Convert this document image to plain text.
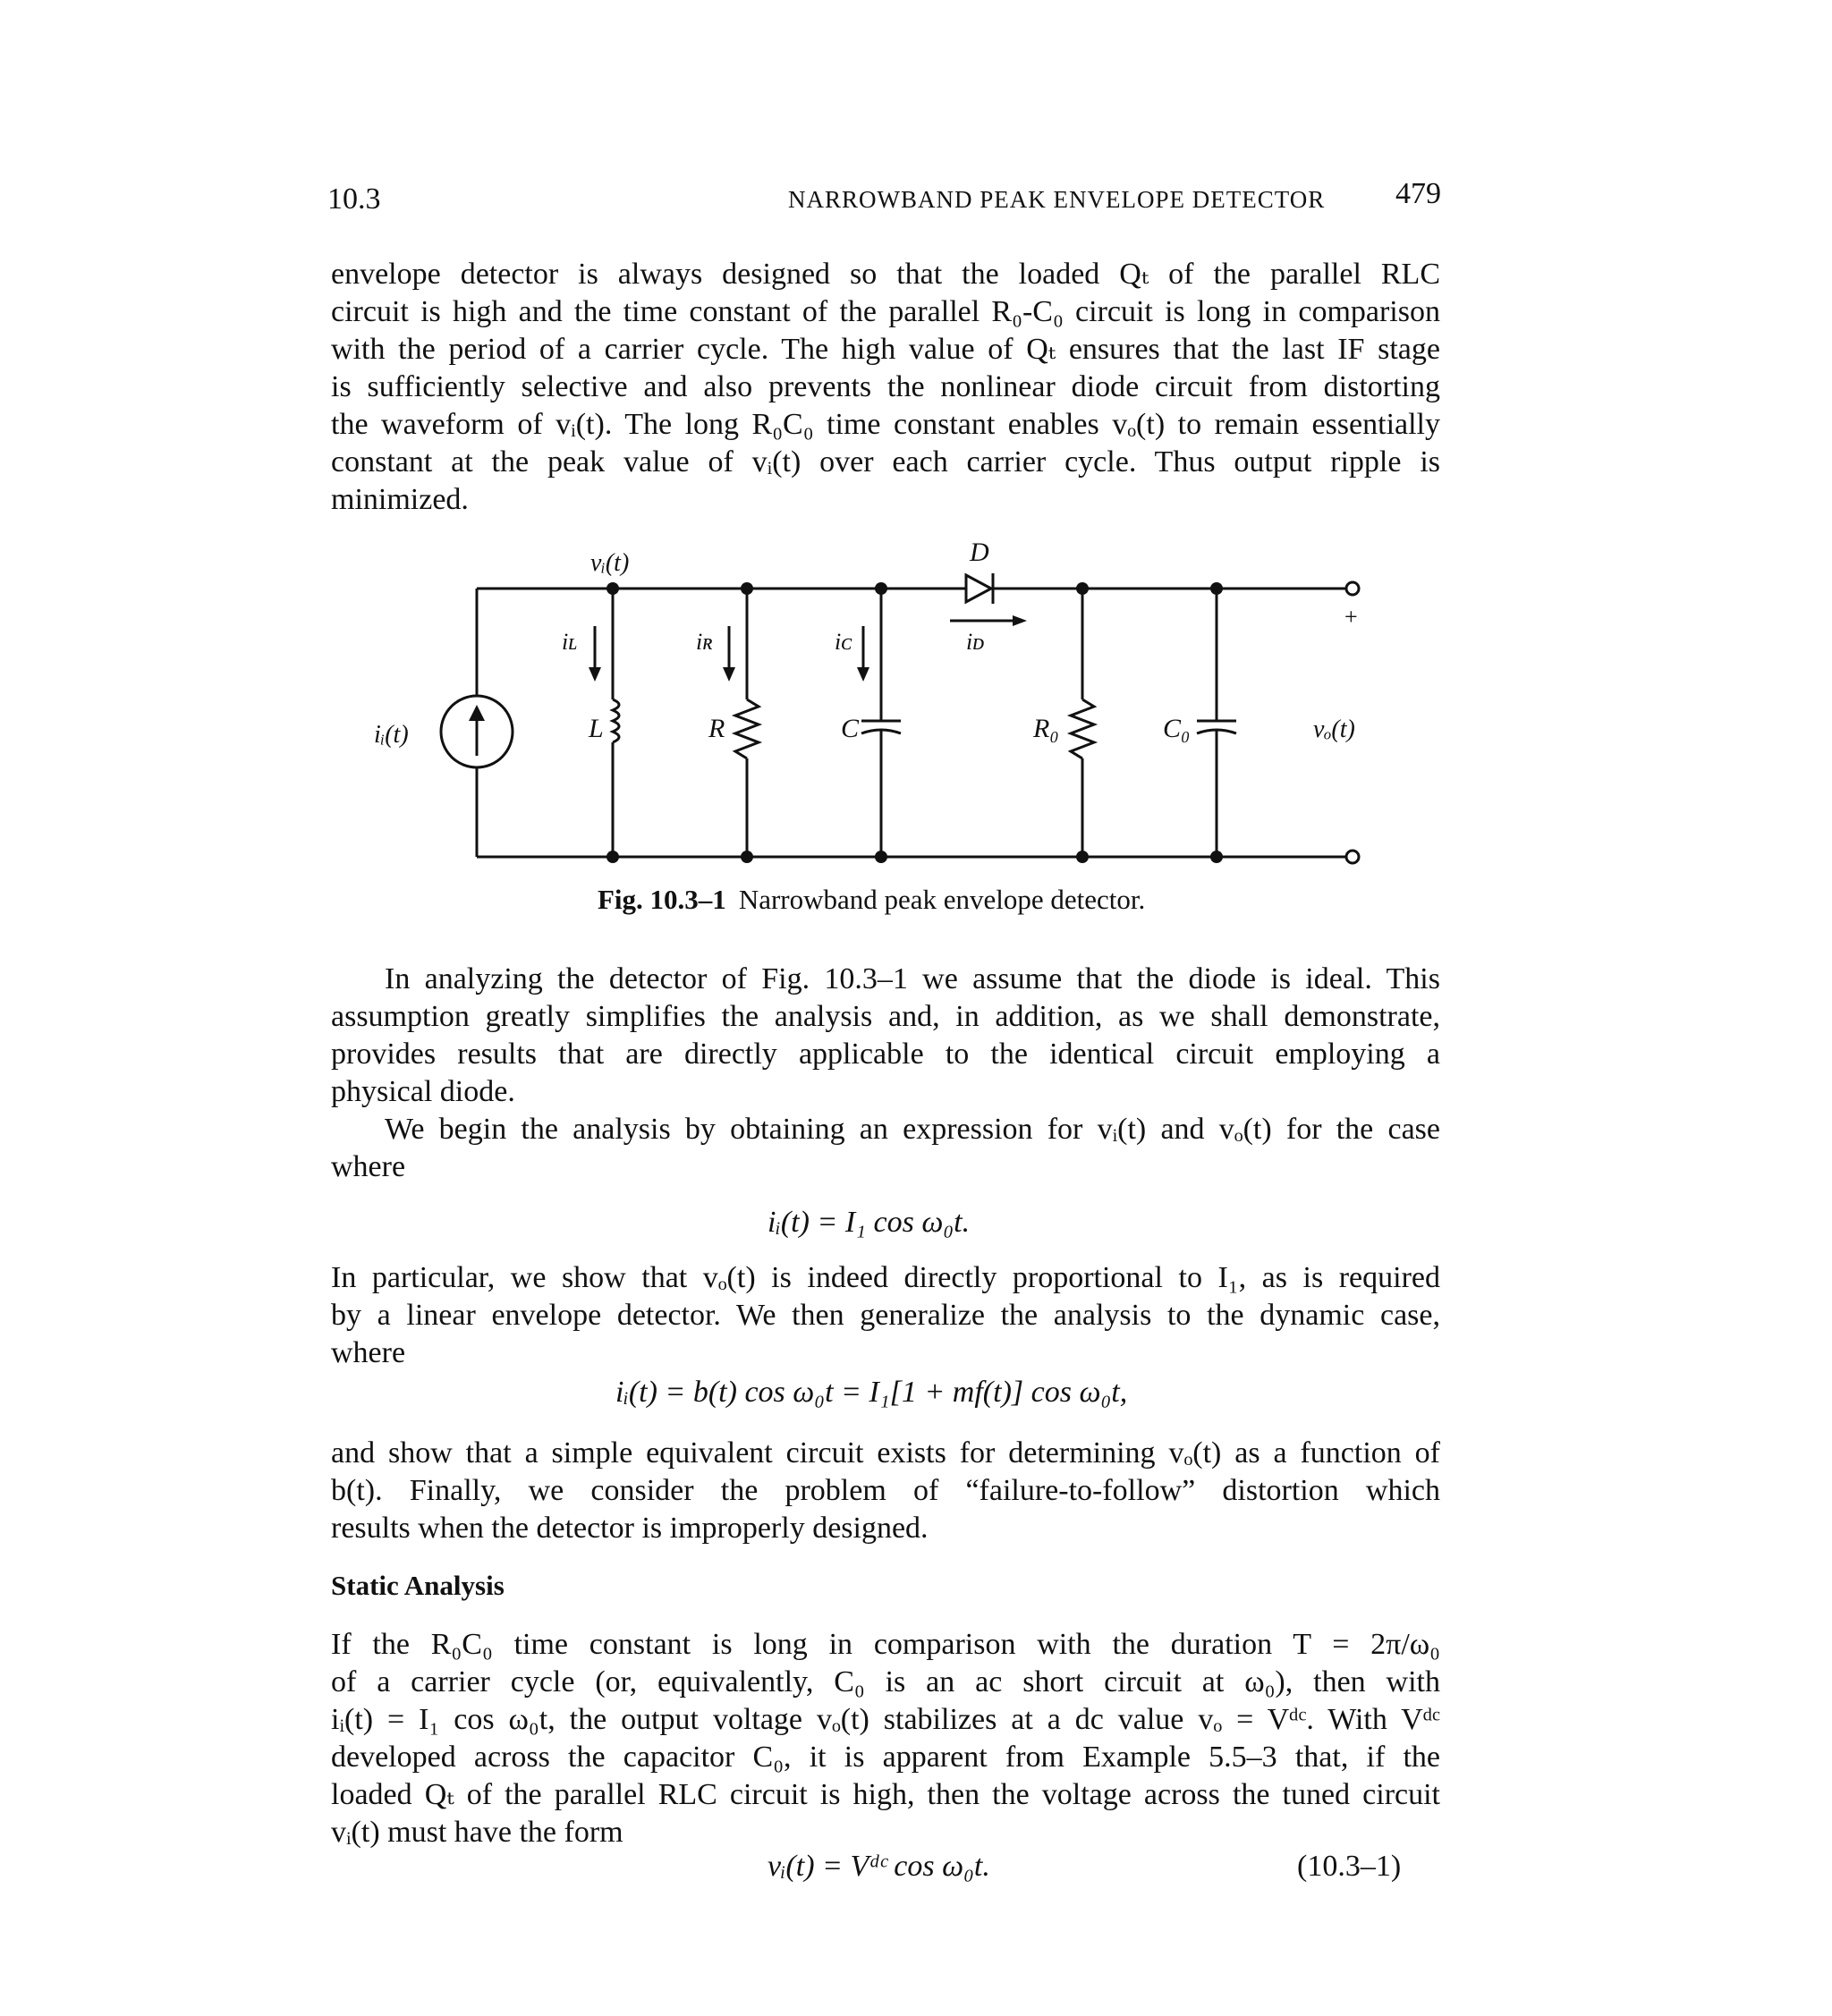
10.3	NARROWBAND PEAK ENVELOPE DETECTOR 479
envelope detector is always designed so that the loaded Qₜ of the parallel RLC
circuit is high and the time constant of the parallel R₀-C₀ circuit is long in comparison
with the period of a carrier cycle. The high value of Qₜ ensures that the last IF stage
is sufficiently selective and also prevents the nonlinear diode circuit from distorting
the waveform of vᵢ(t). The long R₀C₀ time constant enables vₒ(t) to remain essentially
constant at the peak value of vᵢ(t) over each carrier cycle. Thus output ripple is
minimized.
vᵢ(t)	D
iʟ	iʀ	iᴄ	iᴅ
iᵢ(t)	L	R	C	R₀	C₀	vₒ(t)
+
Fig. 10.3–1 Narrowband peak envelope detector.
In analyzing the detector of Fig. 10.3–1 we assume that the diode is ideal. This
assumption greatly simplifies the analysis and, in addition, as we shall demonstrate,
provides results that are directly applicable to the identical circuit employing a
physical diode.
We begin the analysis by obtaining an expression for vᵢ(t) and vₒ(t) for the case
where
iᵢ(t) = I₁ cos ω₀t.
In particular, we show that vₒ(t) is indeed directly proportional to I₁, as is required
by a linear envelope detector. We then generalize the analysis to the dynamic case,
where
iᵢ(t) = b(t) cos ω₀t = I₁[1 + mf(t)] cos ω₀t,
and show that a simple equivalent circuit exists for determining vₒ(t) as a function of
b(t). Finally, we consider the problem of “failure-to-follow” distortion which
results when the detector is improperly designed.
Static Analysis
If the R₀C₀ time constant is long in comparison with the duration T = 2π/ω₀
of a carrier cycle (or, equivalently, C₀ is an ac short circuit at ω₀), then with
iᵢ(t) = I₁ cos ω₀t, the output voltage vₒ(t) stabilizes at a dc value vₒ = Vᵈᶜ. With Vᵈᶜ
developed across the capacitor C₀, it is apparent from Example 5.5–3 that, if the
loaded Qₜ of the parallel RLC circuit is high, then the voltage across the tuned circuit
vᵢ(t) must have the form
vᵢ(t) = Vᵈᶜ cos ω₀t.	(10.3–1)
